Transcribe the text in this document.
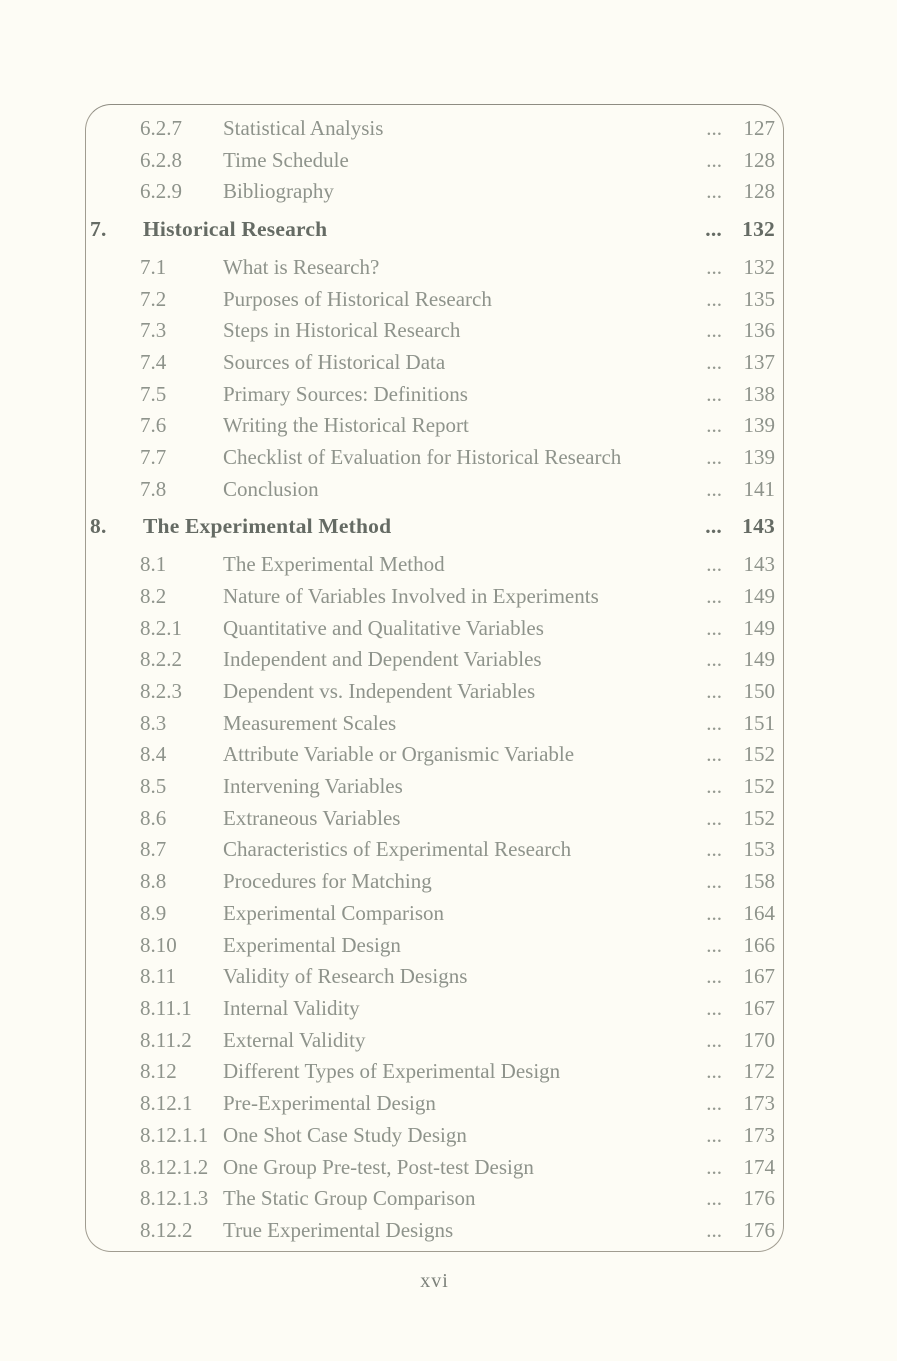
6.2.7	Statistical Analysis	...	127
6.2.8	Time Schedule	...	128
6.2.9	Bibliography	...	128
7.	Historical Research	... 132
7.1	What is Research?	...	132
7.2	Purposes of Historical Research	...	135
7.3	Steps in Historical Research	...	136
7.4	Sources of Historical Data	...	137
7.5	Primary Sources: Definitions	...	138
7.6	Writing the Historical Report	...	139
7.7	Checklist of Evaluation for Historical Research	...	139
7.8	Conclusion	...	141
8.	The Experimental Method	... 143
8.1	The Experimental Method	...	143
8.2	Nature of Variables Involved in Experiments	...	149
8.2.1	Quantitative and Qualitative Variables	...	149
8.2.2	Independent and Dependent Variables	...	149
8.2.3	Dependent vs. Independent Variables	...	150
8.3	Measurement Scales	...	151
8.4	Attribute Variable or Organismic Variable	...	152
8.5	Intervening Variables	...	152
8.6	Extraneous Variables	...	152
8.7	Characteristics of Experimental Research	...	153
8.8	Procedures for Matching	...	158
8.9	Experimental Comparison	...	164
8.10	Experimental Design	...	166
8.11	Validity of Research Designs	...	167
8.11.1	Internal Validity	...	167
8.11.2	External Validity	...	170
8.12	Different Types of Experimental Design	...	172
8.12.1	Pre-Experimental Design	...	173
8.12.1.1 One Shot Case Study Design	...	173
8.12.1.2 One Group Pre-test, Post-test Design	...	174
8.12.1.3 The Static Group Comparison	...	176
8.12.2	True Experimental Designs	...	176
xvi
